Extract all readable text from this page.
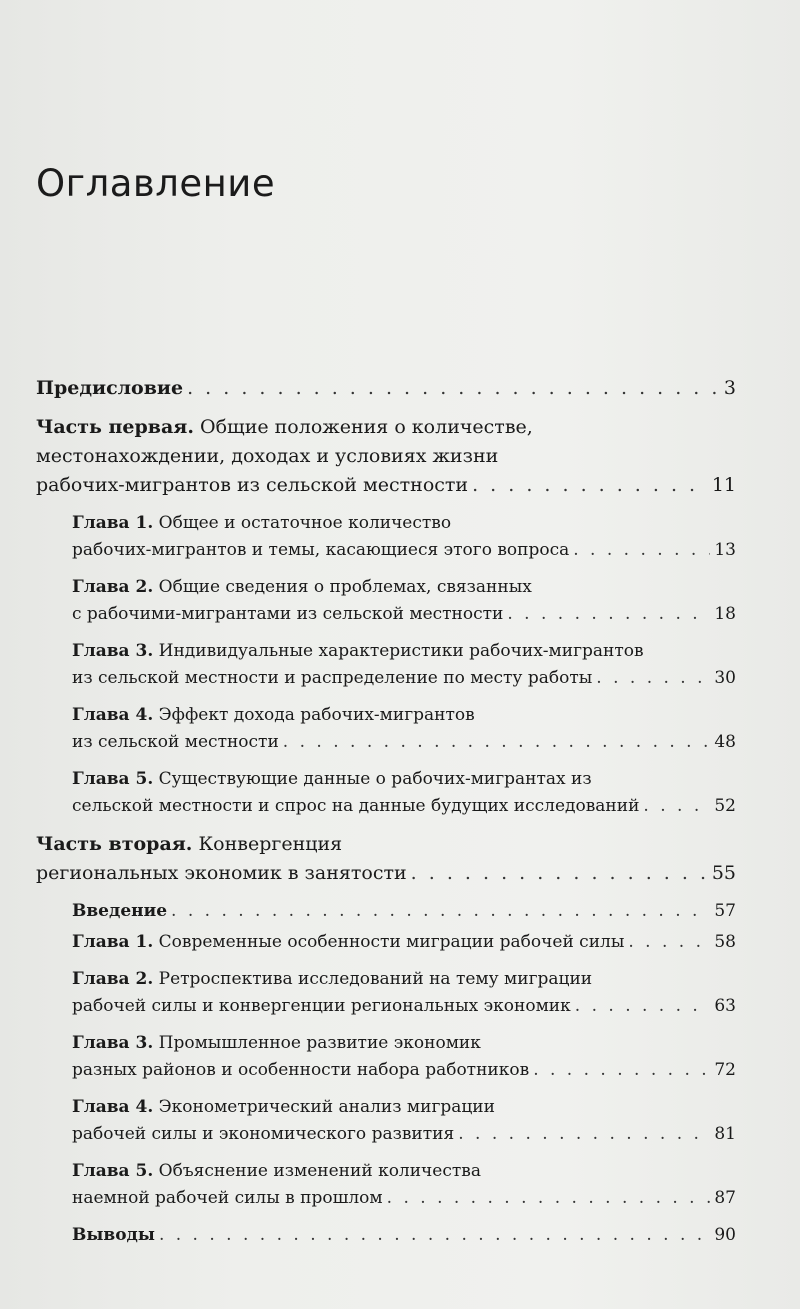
Оглавление
Предисловие . . .	3
Часть первая. Общие положения о количестве,
местонахождении, доходах и условиях жизни
рабочих-мигрантов из сельской местности . . .	11
Глава 1. Общее и остаточное количество
рабочих-мигрантов и темы, касающиеся этого вопроса . . .	13
Глава 2. Общие сведения о проблемах, связанных
с рабочими-мигрантами из сельской местности . . .	18
Глава 3. Индивидуальные характеристики рабочих-мигрантов
из сельской местности и распределение по месту работы . . .	30
Глава 4. Эффект дохода рабочих-мигрантов
из сельской местности . . .	48
Глава 5. Существующие данные о рабочих-мигрантах из
сельской местности и спрос на данные будущих исследований . . .	52
Часть вторая. Конвергенция
региональных экономик в занятости . . .	55
Введение . . .	57
Глава 1. Современные особенности миграции рабочей силы . . .	58
Глава 2. Ретроспектива исследований на тему миграции
рабочей силы и конвергенции региональных экономик . . .	63
Глава 3. Промышленное развитие экономик
разных районов и особенности набора работников . . .	72
Глава 4. Эконометрический анализ миграции
рабочей силы и экономического развития . . .	81
Глава 5. Объяснение изменений количества
наемной рабочей силы в прошлом . . .	87
Выводы . . .	90
